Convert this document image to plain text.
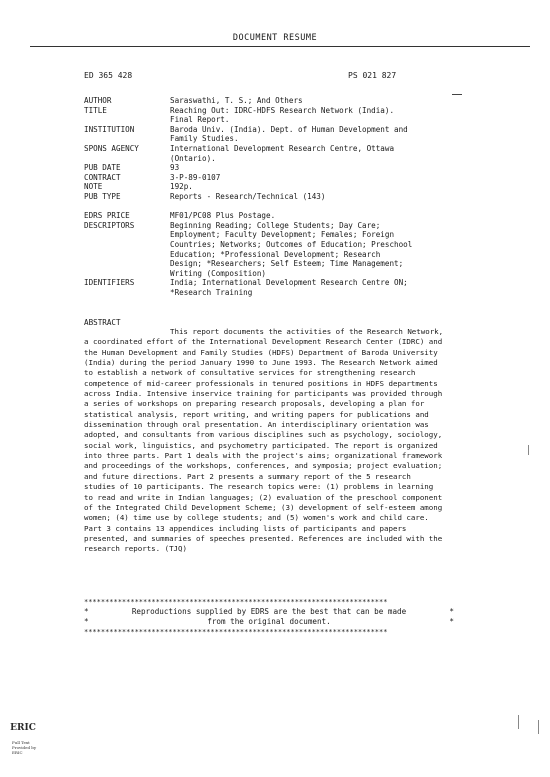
DOCUMENT RESUME
ED 365 428	PS 021 827
AUTHOR	Saraswathi, T. S.; And Others
TITLE	Reaching Out: IDRC-HDFS Research Network (India).
Final Report.
INSTITUTION	Baroda Univ. (India). Dept. of Human Development and
Family Studies.
SPONS AGENCY	International Development Research Centre, Ottawa
(Ontario).
PUB DATE	93
CONTRACT	3-P-89-0107
NOTE	192p.
PUB TYPE	Reports - Research/Technical (143)
EDRS PRICE	MF01/PC08 Plus Postage.
DESCRIPTORS	Beginning Reading; College Students; Day Care;
Employment; Faculty Development; Females; Foreign
Countries; Networks; Outcomes of Education; Preschool
Education; *Professional Development; Research
Design; *Researchers; Self Esteem; Time Management;
Writing (Composition)
IDENTIFIERS	India; International Development Research Centre ON;
*Research Training
ABSTRACT

This report documents the activities of the Research Network, a coordinated effort of the International Development Research Center (IDRC) and the Human Development and Family Studies (HDFS) Department of Baroda University (India) during the period January 1990 to June 1993. The Research Network aimed to establish a network of consultative services for strengthening research competence of mid-career professionals in tenured positions in HDFS departments across India. Intensive inservice training for participants was provided through a series of workshops on preparing research proposals, developing a plan for statistical analysis, report writing, and writing papers for publications and dissemination through oral presentation. An interdisciplinary orientation was adopted, and consultants from various disciplines such as psychology, sociology, social work, linguistics, and psychometry participated. The report is organized into three parts. Part 1 deals with the project's aims; organizational framework and proceedings of the workshops, conferences, and symposia; project evaluation; and future directions. Part 2 presents a summary report of the 5 research studies of 10 participants. The research topics were: (1) problems in learning to read and write in Indian languages; (2) evaluation of the preschool component of the Integrated Child Development Scheme; (3) development of self-esteem among women; (4) time use by college students; and (5) women's work and child care. Part 3 contains 13 appendices including lists of participants and papers presented, and summaries of speeches presented. References are included with the research reports. (TJQ)

************************************************************************
*	Reproductions supplied by EDRS are the best that can be made	*
*	from the original document.	*
************************************************************************
ERIC
Full Text Provided by ERIC
